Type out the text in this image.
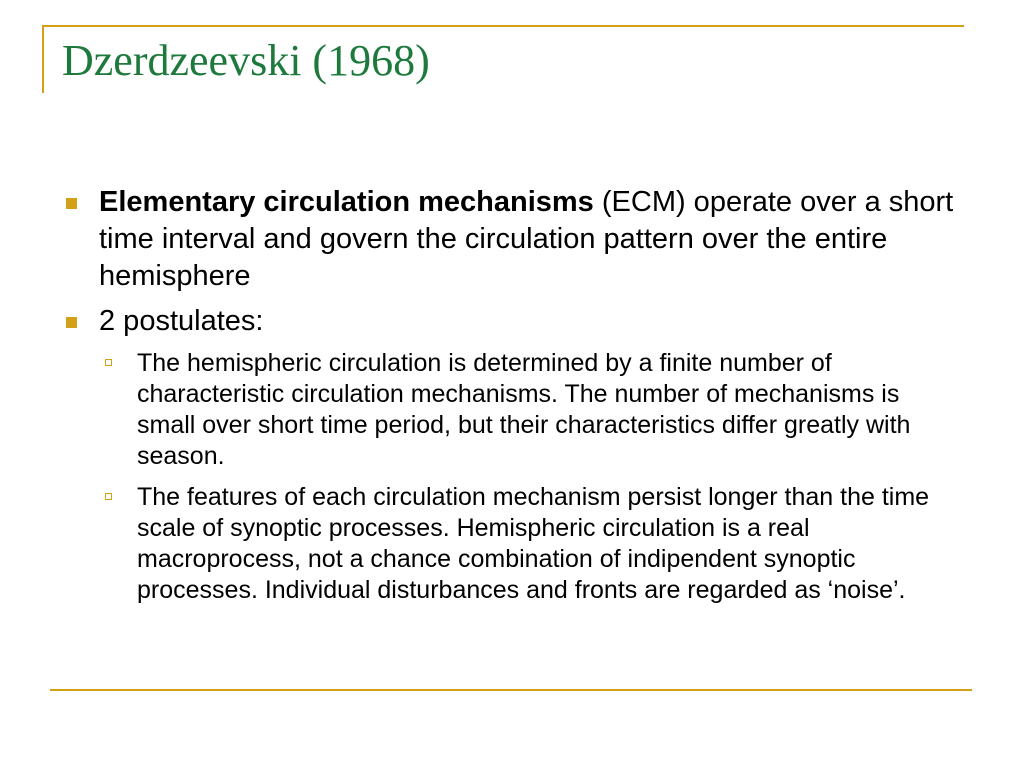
Dzerdzeevski (1968)
Elementary circulation mechanisms (ECM) operate over a short time interval and govern the circulation pattern over the entire hemisphere
2 postulates:
The hemispheric circulation is determined by a finite number of characteristic circulation mechanisms. The number of mechanisms is small over short time period, but their characteristics differ greatly with season.
The features of each circulation mechanism persist longer than the time scale of synoptic processes. Hemispheric circulation is a real macroprocess, not a chance combination of indipendent synoptic processes. Individual disturbances and fronts are regarded as ‘noise’.
